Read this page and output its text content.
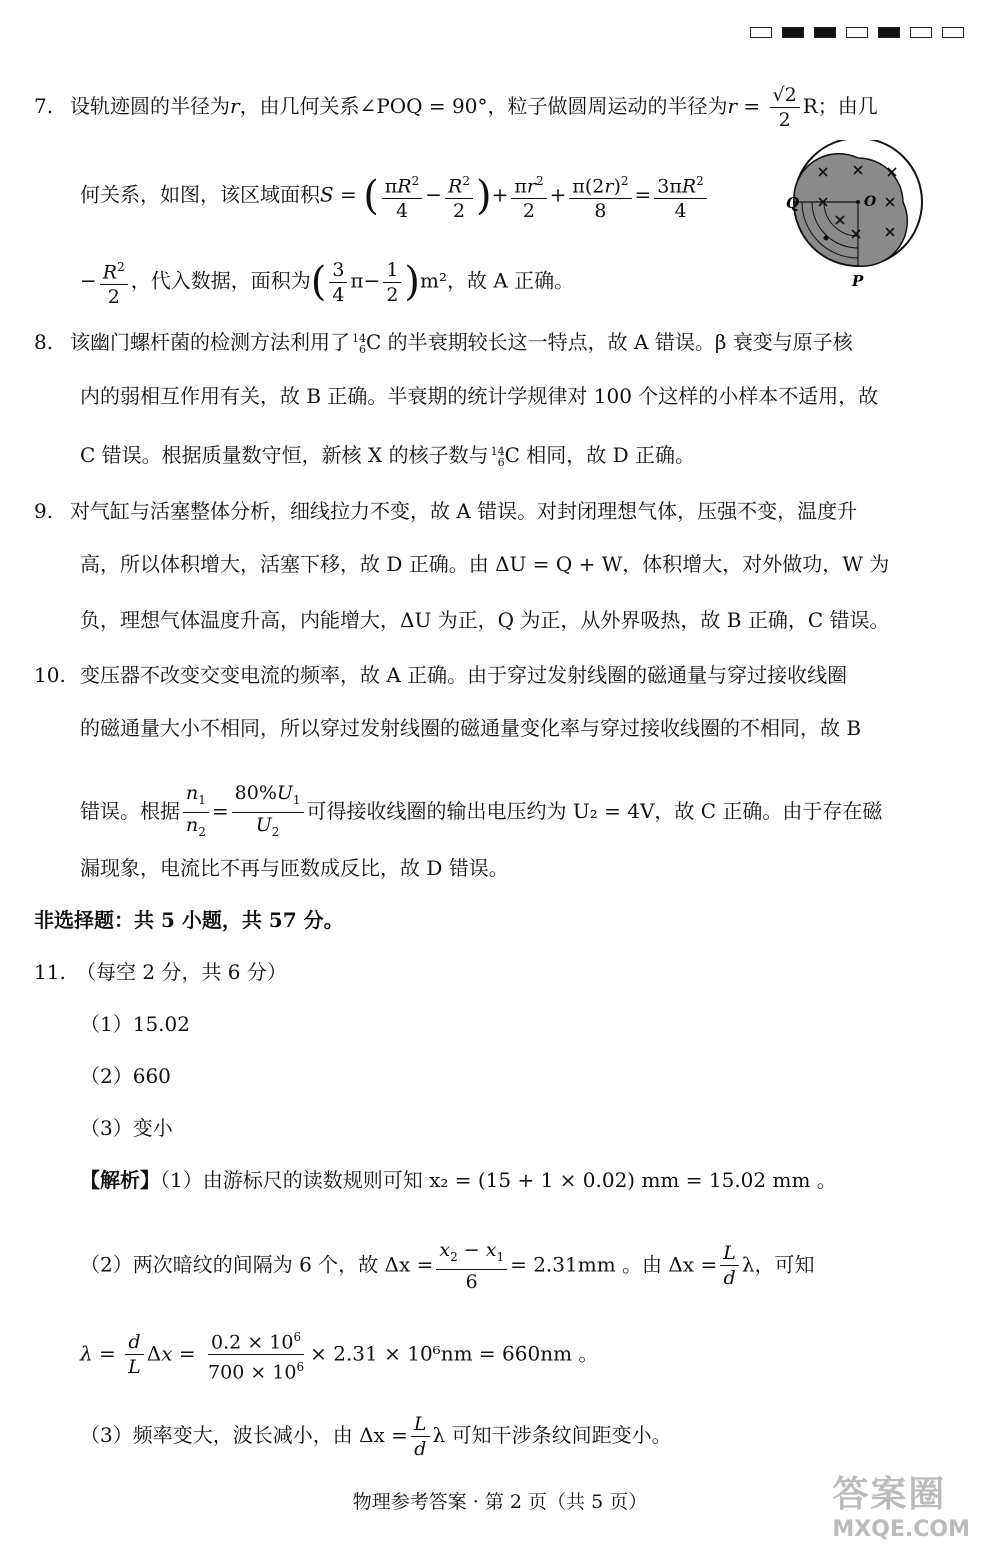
7. 设轨迹圆的半径为r，由几何关系∠POQ = 90°，粒子做圆周运动的半径为$r = \frac{√2}{2}$ R；由几
何关系，如图，该区域面积S = ( $\frac{\pi R^2}{4} - \frac{R^2}{2}$ )+ $\frac{\pi r^2}{2} + \frac{\pi(2r)^2}{8} = \frac{3\pi R^2}{4}$
− $\frac{R^2}{2}$ ，代入数据，面积为( $\frac{3}{4} \pi- \frac{1}{2} )m^2$，故 A 正确。
8. 该幽门螺杆菌的检测方法利用了 14
6 C 的半衰期较长这一特点，故 A 错误。β 衰变与原子核
内的弱相互作用有关，故 B 正确。半衰期的统计学规律对 100 个这样的小样本不适用，故
C 错误。根据质量数守恒，新核 X 的核子数与 14
6 C 相同，故 D 正确。
9. 对气缸与活塞整体分析，细线拉力不变，故 A 错误。对封闭理想气体，压强不变，温度升
高，所以体积增大，活塞下移，故 D 正确。由 ΔU = Q + W，体积增大，对外做功，W 为
负，理想气体温度升高，内能增大，ΔU 为正，Q 为正，从外界吸热，故 B 正确，C 错误。
10. 变压器不改变交变电流的频率，故 A 正确。由于穿过发射线圈的磁通量与穿过接收线圈
的磁通量大小不相同，所以穿过发射线圈的磁通量变化率与穿过接收线圈的不相同，故 B
错误。根据 $\frac{n_1}{n_2} = \frac{80\%U_1}{U_2}$ 可得接收线圈的输出电压约为 U₂ = 4V，故 C 正确。由于存在磁
漏现象，电流比不再与匝数成反比，故 D 错误。
非选择题：共 5 小题，共 57 分。
11. （每空 2 分，共 6 分）
（1）15.02
（2）660
（3）变小
【解析】（1）由游标尺的读数规则可知 x₂ = (15 + 1 × 0.02) mm = 15.02 mm 。
（2）两次暗纹的间隔为 6 个，故 $\Delta x = \frac{x_2 - x_1}{6} = 2.31mm$ 。由 $\Delta x = \frac{L}{d}$ λ，可知
$\lambda = \frac{d}{L}$ $\Delta x = \frac{0.2 \times 10^6}{700 \times 10^6} \times 2.31 \times 10^6nm = 660nm$ 。
（3）频率变大，波长减小，由 $\Delta x = \frac{L}{d}$ λ 可知干涉条纹间距变小。
Q	O
P
物理参考答案 · 第 2 页（共 5 页）	答案圈
MXQE.COM
